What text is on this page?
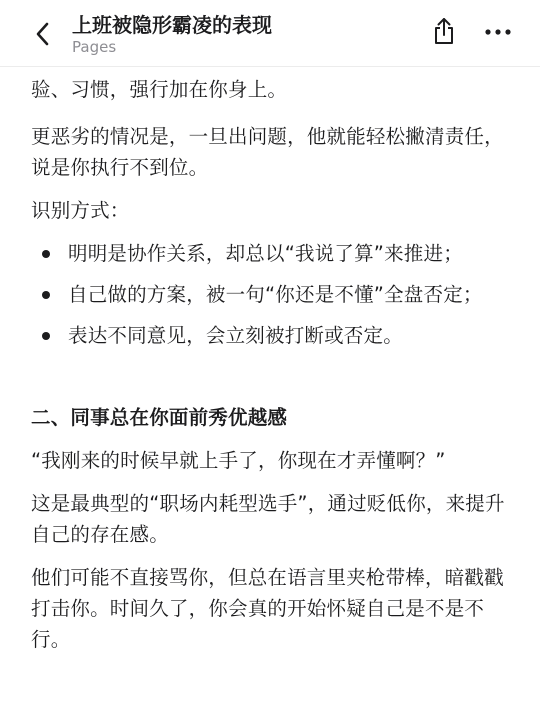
上班被隐形霸凌的表现
Pages

验、习惯，强行加在你身上。

更恶劣的情况是，一旦出问题，他就能轻松撇清责任，说是你执行不到位。

识别方式：

明明是协作关系，却总以“我说了算”来推进；
自己做的方案，被一句“你还是不懂”全盘否定；
表达不同意见，会立刻被打断或否定。

二、同事总在你面前秀优越感

“我刚来的时候早就上手了，你现在才弄懂啊？”

这是最典型的“职场内耗型选手”，通过贬低你，来提升自己的存在感。

他们可能不直接骂你，但总在语言里夹枪带棒，暗戳戳打击你。时间久了，你会真的开始怀疑自己是不是不行。
